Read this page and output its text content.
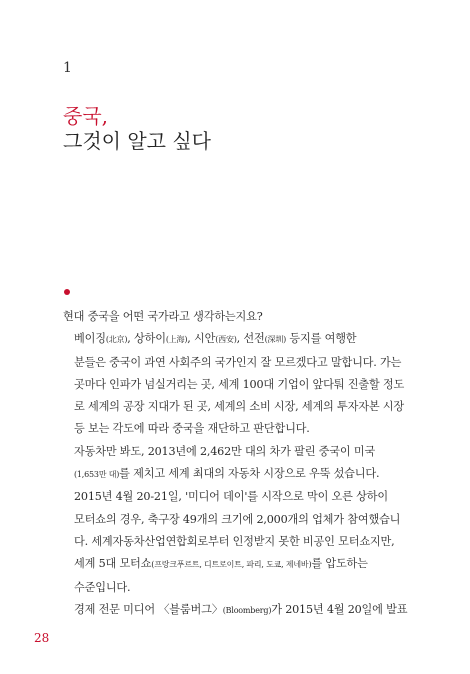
1
중국,
그것이 알고 싶다

현대 중국을 어떤 국가라고 생각하는지요?

베이징(北京), 상하이(上海), 시안(西安), 선전(深圳) 등지를 여행한
분들은 중국이 과연 사회주의 국가인지 잘 모르겠다고 말합니다. 가는
곳마다 인파가 넘실거리는 곳, 세계 100대 기업이 앞다퉈 진출할 정도
로 세계의 공장 지대가 된 곳, 세계의 소비 시장, 세계의 투자자본 시장
등 보는 각도에 따라 중국을 재단하고 판단합니다.

자동차만 봐도, 2013년에 2,462만 대의 차가 팔린 중국이 미국
(1,653만 대)를 제치고 세계 최대의 자동차 시장으로 우뚝 섰습니다.
2015년 4월 20-21일, '미디어 데이'를 시작으로 막이 오른 상하이
모터쇼의 경우, 축구장 49개의 크기에 2,000개의 업체가 참여했습니
다. 세계자동차산업연합회로부터 인정받지 못한 비공인 모터쇼지만,
세계 5대 모터쇼(프랑크푸르트, 디트로이트, 파리, 도쿄, 제네바)를 압도하는
수준입니다.

경제 전문 미디어 〈블룸버그〉(Bloomberg)가 2015년 4월 20일에 발표

28
